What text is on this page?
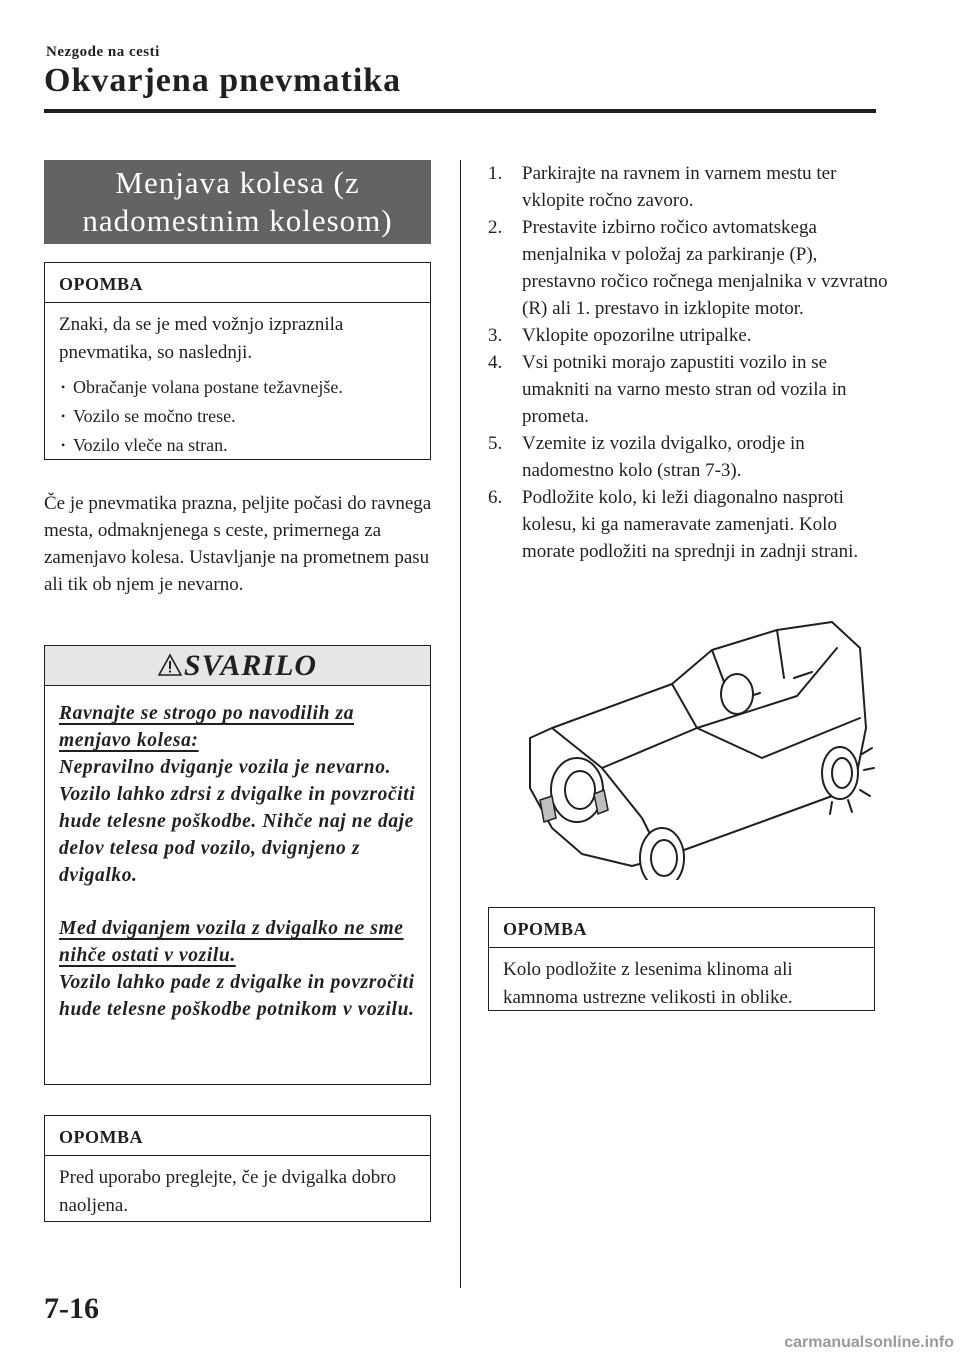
Nezgode na cesti
Okvarjena pnevmatika
Menjava kolesa (z
nadomestnim kolesom)
OPOMBA
Znaki, da se je med vožnjo izpraznila pnevmatika, so naslednji.
• Obračanje volana postane težavnejše.
• Vozilo se močno trese.
• Vozilo vleče na stran.
Če je pnevmatika prazna, peljite počasi do ravnega mesta, odmaknjenega s ceste, primernega za zamenjavo kolesa. Ustavljanje na prometnem pasu ali tik ob njem je nevarno.
SVARILO
Ravnajte se strogo po navodilih za menjavo kolesa:
Nepravilno dviganje vozila je nevarno. Vozilo lahko zdrsi z dvigalke in povzročiti hude telesne poškodbe. Nihče naj ne daje delov telesa pod vozilo, dvignjeno z dvigalko.
Med dviganjem vozila z dvigalko ne sme nihče ostati v vozilu.
Vozilo lahko pade z dvigalke in povzročiti hude telesne poškodbe potnikom v vozilu.
OPOMBA
Pred uporabo preglejte, če je dvigalka dobro naoljena.
1. Parkirajte na ravnem in varnem mestu ter vklopite ročno zavoro.
2. Prestavite izbirno ročico avtomatskega menjalnika v položaj za parkiranje (P), prestavno ročico ročnega menjalnika v vzvratno (R) ali 1. prestavo in izklopite motor.
3. Vklopite opozorilne utripalke.
4. Vsi potniki morajo zapustiti vozilo in se umakniti na varno mesto stran od vozila in prometa.
5. Vzemite iz vozila dvigalko, orodje in nadomestno kolo (stran 7-3).
6. Podložite kolo, ki leži diagonalno nasproti kolesu, ki ga nameravate zamenjati. Kolo morate podložiti na sprednji in zadnji strani.
OPOMBA
Kolo podložite z lesenima klinoma ali kamnoma ustrezne velikosti in oblike.
7-16
carmanualsonline.info
